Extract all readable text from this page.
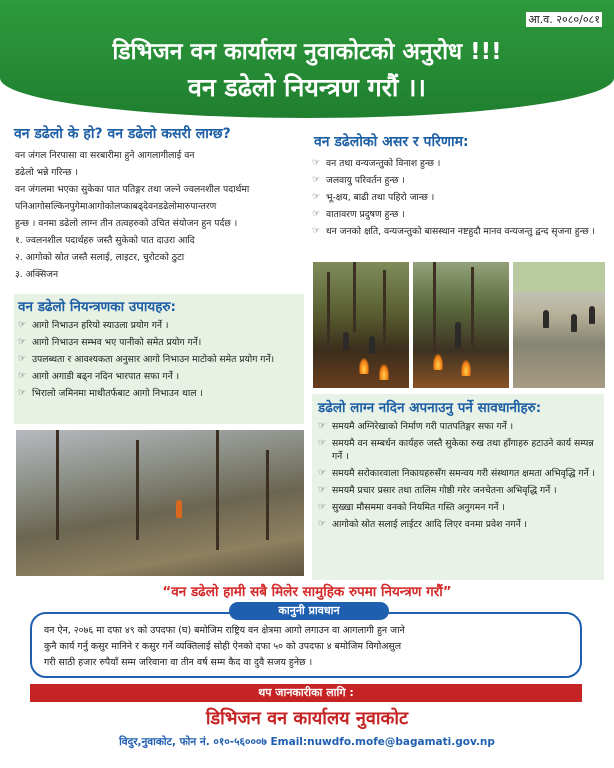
आ.व. २०८०/०८१
डिभिजन वन कार्यालय नुवाकोटको अनुरोध !!!
वन डढेलो नियन्त्रण गरौं ।।
वन डढेलो के हो? वन डढेलो कसरी लाग्छ?

वन जंगल निरपासा वा सरबारीमा हुने आगलागीलाई वन

डढेलो भन्ने गरिन्छ ।

वन जंगलमा भएका सुकेका पात पतिङ्गर तथा जल्ने ज्वलनशील पदार्थमा

पनिआगोसल्किनपुगेमाआगोकोलप्काबढ्देवनडढेलोमारुपान्तरण

हुन्छ । वनमा डढेलो लाग्न तीन तत्वहरुको उचित संयोजन हुन पर्दछ ।

१. ज्वलनशील पदार्थहरु जस्तै सुकेको पात दाउरा आदि

२. आगोको स्रोत जस्तै सलाई, लाइटर, चुरोटको ठुटा

३. अक्सिजन

वन डढेलो नियन्त्रणका उपायहरु:
☞ आगो निभाउन हरियो स्याउला प्रयोग गर्ने ।
☞ आगो निभाउन सम्भव भए पानीको समेत प्रयोग गर्ने।
☞ उपलब्धता र आवश्यकता अनुसार आगो निभाउन माटोको समेत प्रयोग गर्ने।
☞ आगो अगाडी बढ्न नदिन भारपात सफा गर्ने ।
☞ भिरालो जमिनमा माथीतर्फबाट आगो निभाउन थाल ।
वन डढेलोको असर र परिणाम:
☞ वन तथा वन्यजन्तुको विनाश हुन्छ ।
☞ जलवायु परिवर्तन हुन्छ ।
☞ भू-क्षय, बाढी तथा पहिरो जान्छ ।
☞ वातावरण प्रदुषण हुन्छ ।
☞ धन जनको क्षति, वन्यजन्तुको बासस्थान नष्टहुदौ मानव वन्यजन्तु द्वन्द सृजना हुन्छ ।
डढेलो लाग्न नदिन अपनाउनु पर्ने सावधानीहरु:
☞ समयमै अग्निरेखाको निर्माण गरी पातपतिङ्गर सफा गर्ने ।
☞ समयमै वन सम्बर्धन कार्यहरु जस्तै सुकेका रुख तथा हाँगाहरु हटाउने कार्य सम्पन्न गर्ने ।
☞ समयमै सरोकारवाला निकायहरुसँग समन्वय गरी संस्थागत क्षमता अभिवृद्धि गर्ने ।
☞ समयमै प्रचार प्रसार तथा तालिम गोष्ठी गरेर जनचेतना अभिवृद्धि गर्ने ।
☞ सुख्खा मौसममा वनको नियमित गस्ति अनुगमन गर्ने ।
☞ आगोको स्रोत सलाई लाईटर आदि लिएर वनमा प्रवेश नगर्ने ।
“वन डढेलो हामी सबै मिलेर सामुहिक रुपमा नियन्त्रण गरौं”

वन ऐन, २०७६ मा दफा ४९ को उपदफा (घ) बमोजिम राष्ट्रिय वन क्षेत्रमा आगो लगाउन वा आगलागी हुन जाने

कुनै कार्य गर्नु कसुर मानिने र कसुर गर्ने व्यक्तिलाई सोही ऐनको दफा ५० को उपदफा ४ बमोजिम विगोअसुल

गरी साठी हजार रुपैयाँ सम्म जरिवाना वा तीन वर्ष सम्म कैद वा दुवै सजय हुनेछ ।

कानुनी प्रावधान
थप जानकारीका लागि :
डिभिजन वन कार्यालय नुवाकोट
विदुर,नुवाकोट, फोन नं. ०१०-५६०००७ Email:nuwdfo.mofe@bagamati.gov.np
